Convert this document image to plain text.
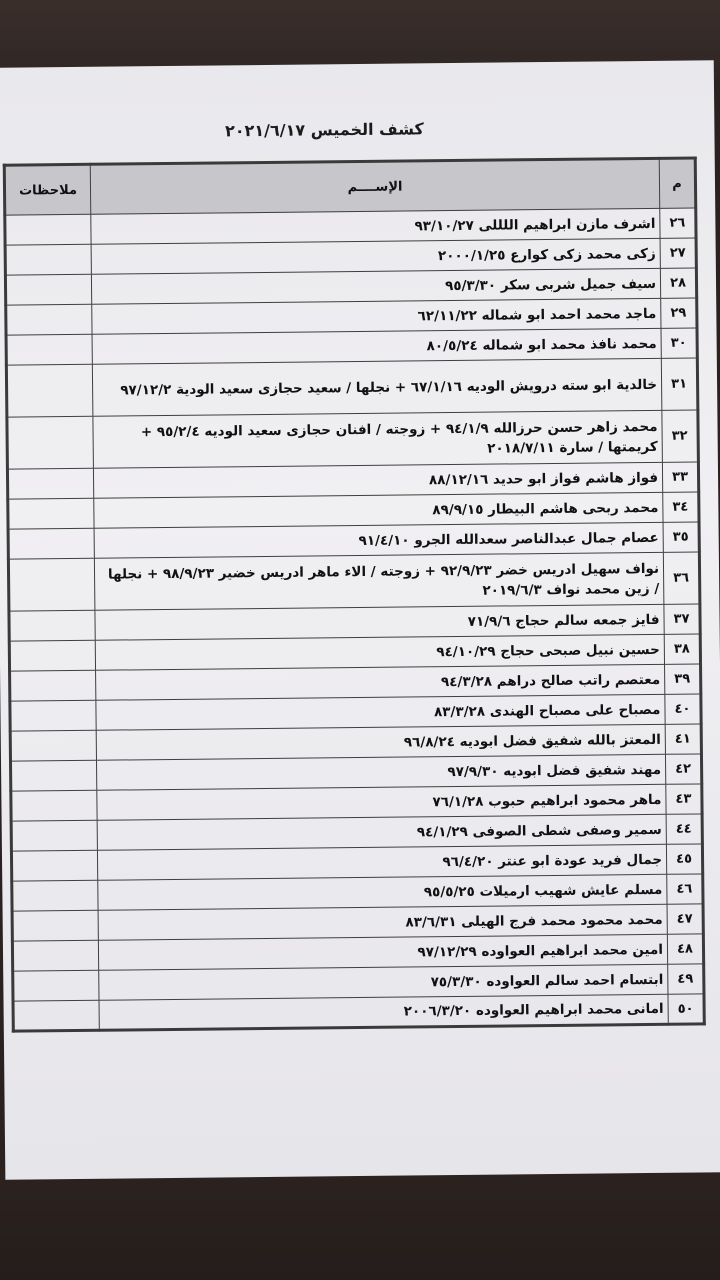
كشف الخميس ٢٠٢١/٦/١٧
م	الإســــم	ملاحظات
٢٦	اشرف مازن ابراهيم اللللى ٩٣/١٠/٢٧	
٢٧	زكى محمد زكى كوارع ٢٠٠٠/١/٢٥	
٢٨	سيف جميل شربى سكر ٩٥/٣/٣٠	
٢٩	ماجد محمد احمد ابو شماله ٦٢/١١/٢٢	
٣٠	محمد نافذ محمد ابو شماله ٨٠/٥/٢٤	
٣١	خالدية ابو سته درويش الوديه ٦٧/١/١٦ + نجلها / سعيد حجازى سعيد الودية ٩٧/١٢/٢	
٣٢	محمد زاهر حسن حرزالله ٩٤/١/٩ + زوجته / افنان حجازى سعيد الوديه ٩٥/٢/٤ + كريمتها / سارة ٢٠١٨/٧/١١	
٣٣	فواز هاشم فواز ابو حديد ٨٨/١٢/١٦	
٣٤	محمد ربحى هاشم البيطار ٨٩/٩/١٥	
٣٥	عصام جمال عبدالناصر سعدالله الجرو ٩١/٤/١٠	
٣٦	نواف سهيل ادريس خضر ٩٢/٩/٢٣ + زوجته / الاء ماهر ادريس خضير ٩٨/٩/٢٣ + نجلها / زين محمد نواف ٢٠١٩/٦/٣	
٣٧	فايز جمعه سالم حجاج ٧١/٩/٦	
٣٨	حسين نبيل صبحى حجاج ٩٤/١٠/٢٩	
٣٩	معتصم راتب صالح دراهم ٩٤/٣/٢٨	
٤٠	مصباح على مصباح الهندى ٨٣/٣/٢٨	
٤١	المعتز بالله شفيق فضل ابوديه ٩٦/٨/٢٤	
٤٢	مهند شفيق فضل ابوديه ٩٧/٩/٣٠	
٤٣	ماهر محمود ابراهيم حبوب ٧٦/١/٢٨	
٤٤	سمير وصفى شطى الصوفى ٩٤/١/٢٩	
٤٥	جمال فريد عودة ابو عنتر ٩٦/٤/٢٠	
٤٦	مسلم عايش شهيب ارميلات ٩٥/٥/٢٥	
٤٧	محمد محمود محمد فرج الهيلى ٨٣/٦/٣١	
٤٨	امين محمد ابراهيم العواوده ٩٧/١٢/٢٩	
٤٩	ابتسام احمد سالم العواوده ٧٥/٣/٣٠	
٥٠	امانى محمد ابراهيم العواوده ٢٠٠٦/٣/٢٠	
